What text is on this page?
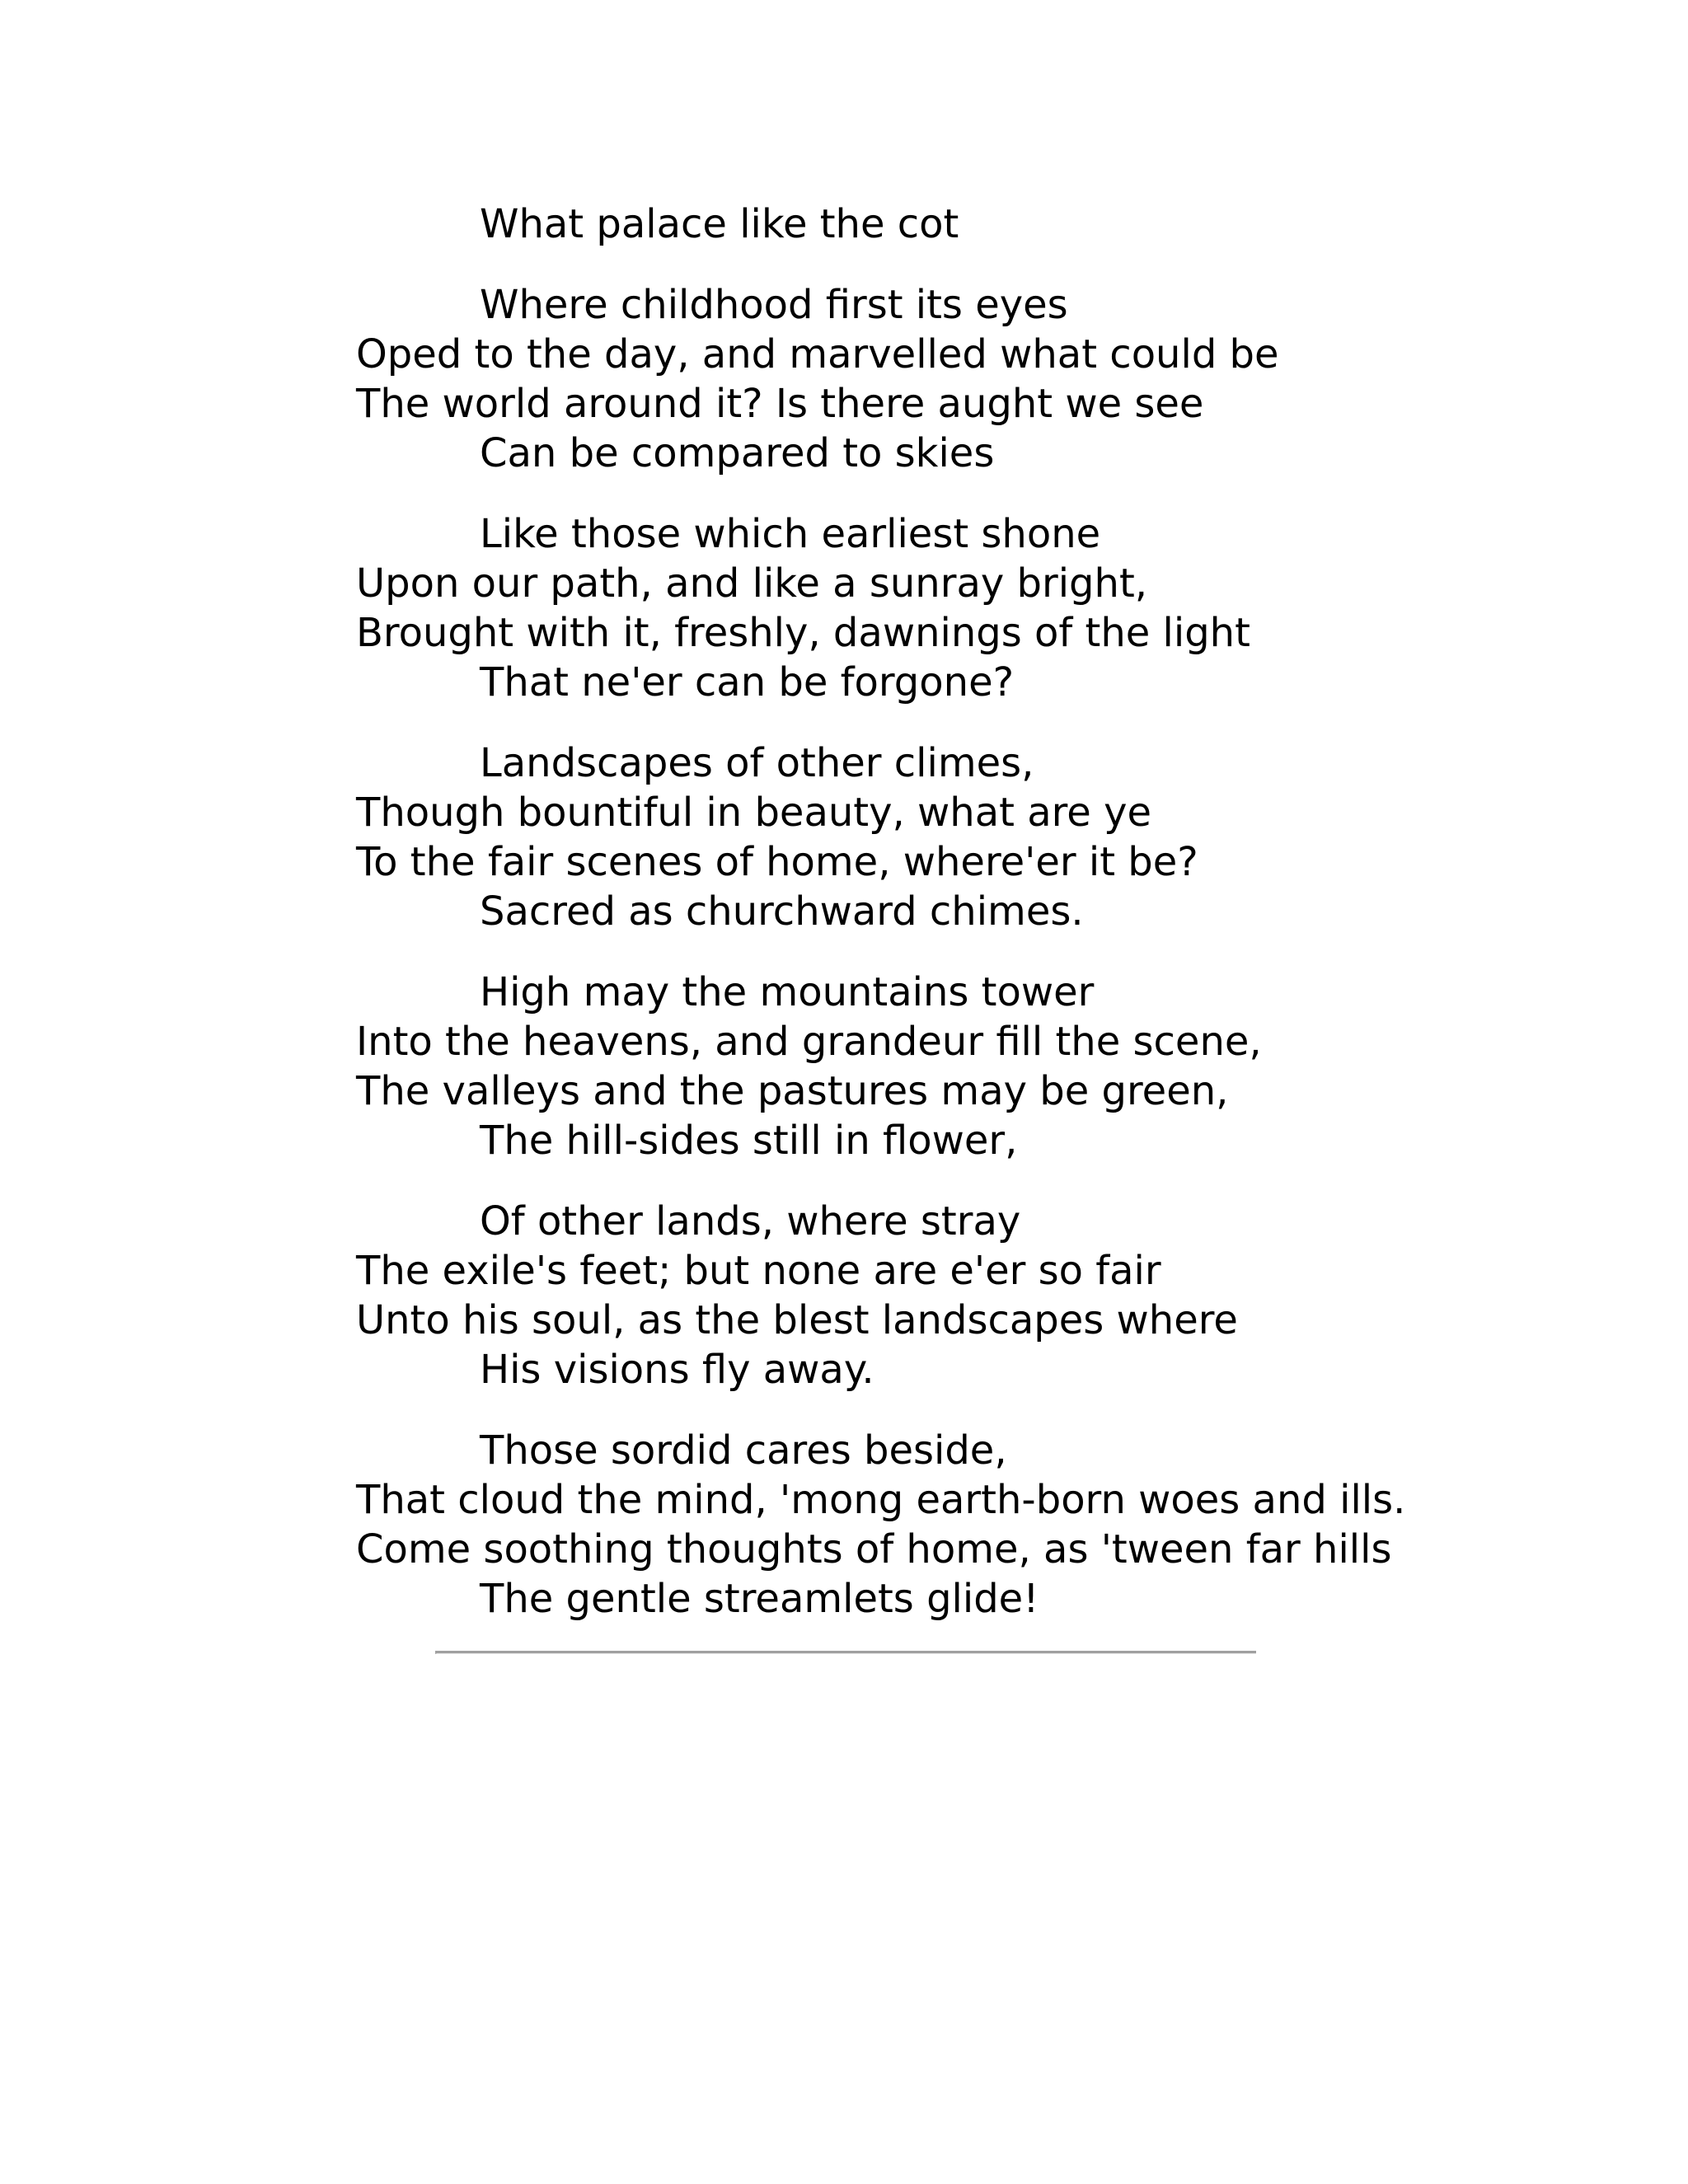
What palace like the cot
Where childhood first its eyes
Oped to the day, and marvelled what could be
The world around it? Is there aught we see
Can be compared to skies
Like those which earliest shone
Upon our path, and like a sunray bright,
Brought with it, freshly, dawnings of the light
That ne'er can be forgone?
Landscapes of other climes,
Though bountiful in beauty, what are ye
To the fair scenes of home, where'er it be?
Sacred as churchward chimes.
High may the mountains tower
Into the heavens, and grandeur fill the scene,
The valleys and the pastures may be green,
The hill-sides still in flower,
Of other lands, where stray
The exile's feet; but none are e'er so fair
Unto his soul, as the blest landscapes where
His visions fly away.
Those sordid cares beside,
That cloud the mind, 'mong earth-born woes and ills.
Come soothing thoughts of home, as 'tween far hills
The gentle streamlets glide!
